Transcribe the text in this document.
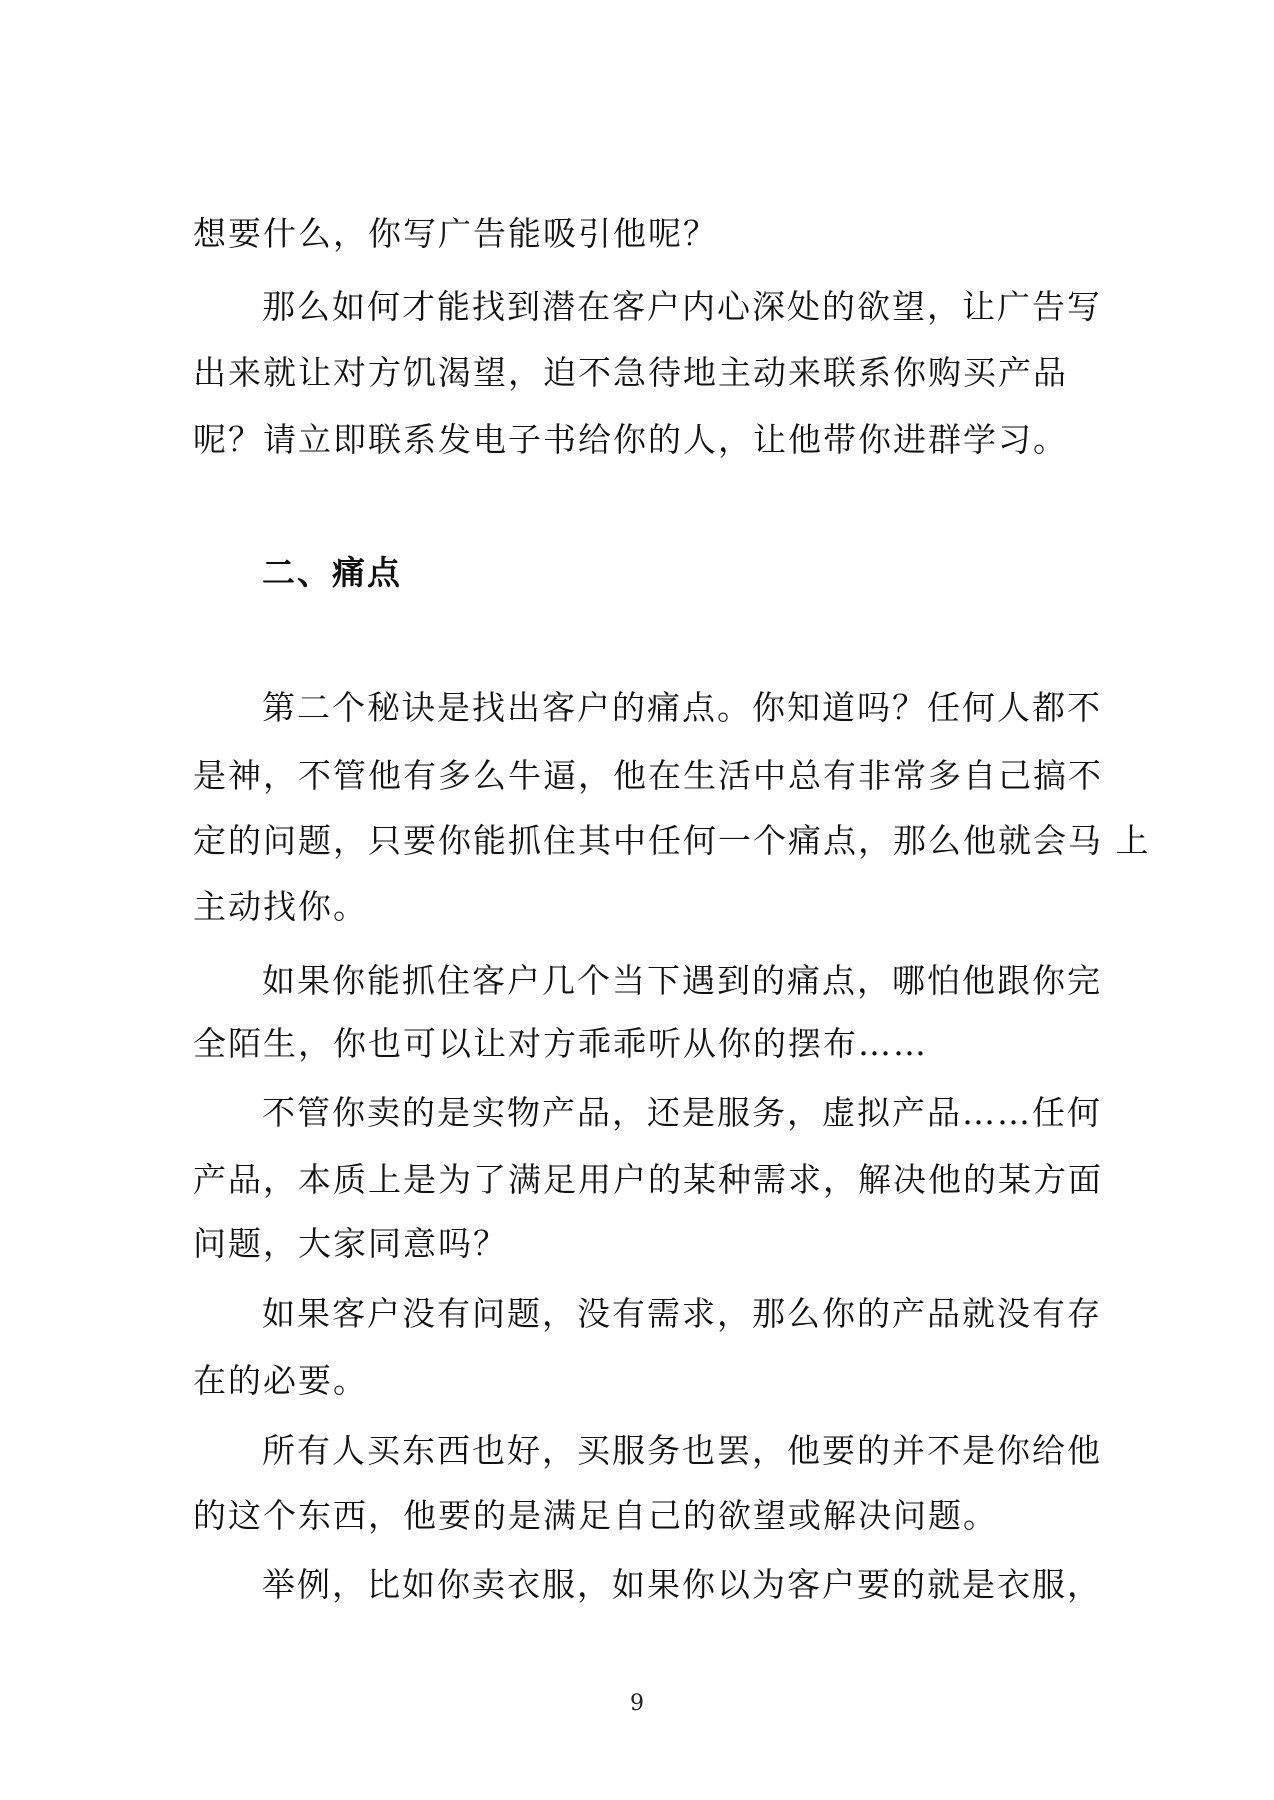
想要什么，你写广告能吸引他呢？
那么如何才能找到潜在客户内心深处的欲望，让广告写
出来就让对方饥渴望，迫不急待地主动来联系你购买产品
呢？请立即联系发电子书给你的人，让他带你进群学习。
二、痛点
第二个秘诀是找出客户的痛点。你知道吗？任何人都不
是神，不管他有多么牛逼，他在生活中总有非常多自己搞不
定的问题，只要你能抓住其中任何一个痛点，那么他就会马 上
主动找你。
如果你能抓住客户几个当下遇到的痛点，哪怕他跟你完
全陌生，你也可以让对方乖乖听从你的摆布……
不管你卖的是实物产品，还是服务，虚拟产品……任何
产品，本质上是为了满足用户的某种需求，解决他的某方面
问题，大家同意吗？
如果客户没有问题，没有需求，那么你的产品就没有存
在的必要。
所有人买东西也好，买服务也罢，他要的并不是你给他
的这个东西，他要的是满足自己的欲望或解决问题。
举例，比如你卖衣服，如果你以为客户要的就是衣服，
9
